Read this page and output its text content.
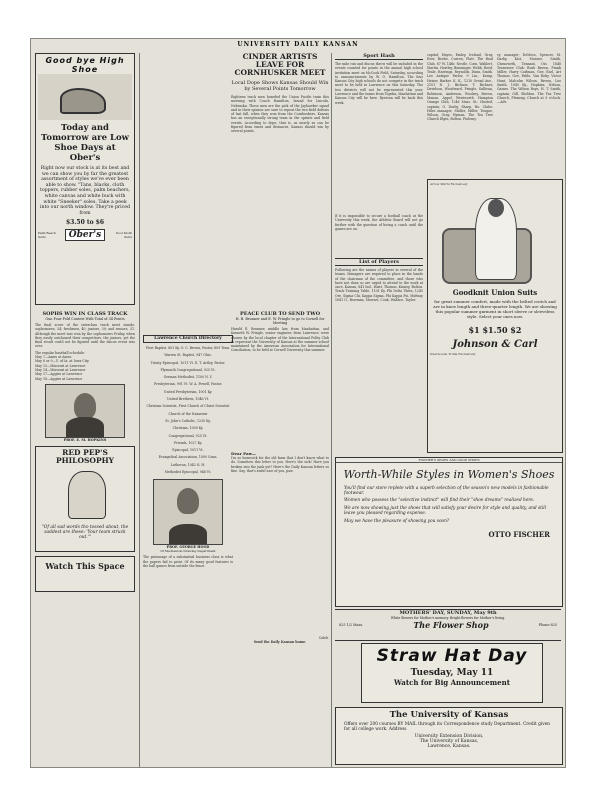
UNIVERSITY DAILY KANSAN
Good bye High Shoe
Today and Tomorrow are Low Shoe Days at Ober's
Right now our stock is at its best and we can show you by far the greatest assortment of styles we've ever been able to show. "Tans, blacks, cloth toppers, rubber soles, palm beachers, white canvas and white buck with white "Sneeker" soles. Take a peek into our north window. They're priced from
$3.50 to $6
Palm Beach Suits	Ober's	Kool Kloth Suits
SOPHS WIN IN CLASS TRACK
Gun Four Fold Contest With Total of 34 Points
The final score of the interclass track meet stands: sophomores, 34; freshmen, 40; juniors, 30; and seniors, 31. Although the meet was won by the sophomores Friday, when they easily outclassed their competitors, the juniors, yet the final result could not be figured until the discus event was over.
The regular baseball schedule:
May 7—Ames at Ames.
May 8 or 9—U. of Ia. at Iowa City
May 13—Missouri at Lawrence
May 14—Missouri at Lawrence
May 17—Aggies at Lawrence
May 18—Aggies at Lawrence
PROF. E. M. HOPKINS
RED PEP'S PHILOSOPHY
"Of all sad words tho tossed about, the saddest are these: 'Your team struck out.'"
Watch This Space
Lawrence Church Directory
First Baptist, 801 Ky. O. C. Brown, Pastor, 809 Tenn.
Warren St. Baptist, 947 Ohio.
Trinity Episcopal, 1011 Vt. E. T. Artley, Pastor.
Plymouth Congregational, 925 Vt.
German Methodist, 1100 N. Y.
Presbyterian, 901 Vt. W. A. Powell, Pastor.
United Presbyterian, 1001 Ky.
United Brethren, 1046 Vt.
Christian Scientist, First Church of Christ Scientist
Church of the Nazarene
St. John's Catholic, 1230 Ky.
Christian, 1000 Ky.
Congregational, 925 Vt.
Friends, 1027 Ky.
Episcopal, 1011 Vt.
Evangelical Association, 1000 Conn.
Lutheran, 1042 N. H.
Methodist Episcopal, 946 Vt.
PROF. GEORGE HOOD
Of Mechanical Drawing Department
The patronage of a substantial business class is what the papers fail to print. Of its many good features is the ball games from outside the fence.
CINDER ARTISTS LEAVE FOR CORNHUSKER MEET
Local Dope Shows Kansas Should Win by Several Points Tomorrow
Eighteen track men boarded the Union Pacific train this morning with Coach Hamilton, bound for Lincoln, Nebraska. These men are the pick of the Jayhawker squad and in their opinion are sure to repeat the two field defeats of last fall, when they won from the Cornhuskers. Kansas has an exceptionally strong team in the sprints and field events. According to dope, that is, as nearly as can be figured from times and distances, Kansas should win by several points.
PEACE CLUB TO SEND TWO
H. B. Brunner and E. W. Fringle to go to Cornell for Meeting
Harold E. Brunner, middle law, from Manhattan, and Kenneth W. Fringle, senior engineer, from Lawrence, were chosen by the local chapter of the International Polity Club to represent the University of Kansas at the summer school maintained by the American Association for International Conciliation, to be held at Cornell University this summer.
Dear Paw—
I'm so homesick for the old farm that I don't know what to do. Somehow this letter to you. Here's the sick! Have you broken into the junk yet? Here's the Daily Kansan letters so fine. Say, that's awful nice of you, paw.
Caleb.
Send the Daily Kansan home.
Sport Hash
The mile run and discus throw will be included in the events counted for points in the annual high school invitation meet on McCook Field, Saturday, according to announcements by W. O. Hamilton. The four Kansas City high schools do not compete in the track meet to be held in Lawrence on this Saturday. The two districts will not be represented this year. Lawrence and the teams from Topeka, Manhattan and Kansas City will be here. Ryerson will be back this week.
If it is impossible to secure a football coach at the University this week, the Athletic Board will not go further with the question of hiring a coach until the games are on.
List of Players
Following are the names of players in several of the teams. Managers are required to place in the hands of the chairman of the committee, and those who have not done so are urged to attend to the work at once. Kansas, 841 Ind., Hiatt, Thomas, Kinney, Bolton. Track Training Table, 1101 Ky. Phi Delta Theta, 1245 Ore. Sigma Chi, Kappa Sigma, Phi Kappa Psi, Midway 1641 O., Bowman, Stewart, Cook, Wallace, Taylor.
capital; Hayes, Emley, Ireland, Gray, Ever, Beebe, Curren, Platt. The Real Club, 87 W. 14th: Nestle, Corn, Wahlert, Martin. Hartley, Benninger, Webb, Reed, Teale, Harrings, Reynolds, Dunn, Smith. Lee Antique Parlor, 9 Lin., Kemp, Heiser, Barker. K. K., 1210 Oread Ave., 2101 N. J.: Bichner, T. Bichner, Davidson, Woodward, Pringle, Sullivan, Robinson, Anderson, Woolsey, Brown, Manon, Appel, Wentworth. Hampton Orange Club, 1246 Mass. St.: Husted, captain; O. Darby, Sharp, Ho. Clubs: Hiles manager, Shiller, Miller, Teague, Wilson, Gray, Hyman. The Tea Tree Church Elgin, Bolton, Ptolemy.
vy, manager; DeMoss, Spencer, M. Darby, Kist, Monroe, Smith, Chenoweth, Tennant, Ozi. 1648 Tennessee Club: Rush Brown, Frank Miller, Harry Carlman, Gee, Earl, Art Thomas, Gee, Pablo, Van Roby, Victor Hunt, Malcolm Wilson, Brown, Leo Smith. 1040 Ky., Hopkins, Nelson, Gaines. The Wilson Boys, H. T. Smith, captain; Gill, Sheldon. The Tea Tree Church, Fleming, Church at 9 o'clock.—Adv.
Arrow Shirts Exclusively
Goodknit Union Suits
for great summer comfort, made with the belted crotch and are in knee length and three-quarter length. We are showing this popular summer garment in short sleeve or sleeveless style. Select your ones now.
$1 $1.50 $2
Johnson & Carl
Interwoven Trunk Exclusively
FISCHER'S SHOES AND GOOD SHOES
Worth-While Styles in Women's Shoes
You'll find our store replete with a superb selection of the season's new models in fashionable footwear.
Women who possess the "selective instinct" will find their "shoe dreams" realized here.
We are now showing just the shoes that will satisfy your desire for style and quality, and still leave you pleased regarding expense.
May we have the pleasure of showing you soon?
OTTO FISCHER
MOTHERS' DAY, SUNDAY, May 9th
White flowers for Mother's memory. Bright flowers for Mother's living.
825 1/2 Mass.	The Flower Shop	Phone 825
Straw Hat Day
Tuesday, May 11
Watch for Big Announcement
The University of Kansas
Offers over 200 courses BY MAIL through its Correspondence study Department. Credit given for all college work. Address
University Extension Division,
The University of Kansas,
Lawrence, Kansas.
